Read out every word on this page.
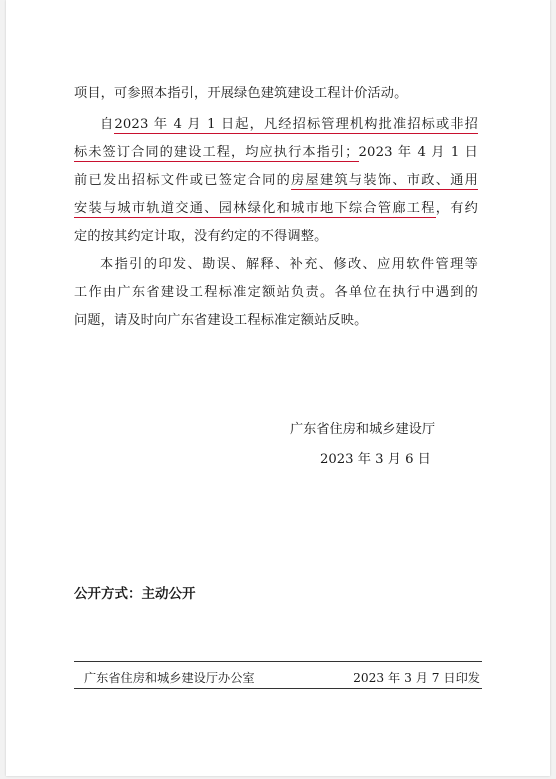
项目，可参照本指引，开展绿色建筑建设工程计价活动。
自2023 年 4 月 1 日起，凡经招标管理机构批准招标或非招
标未签订合同的建设工程，均应执行本指引；2023 年 4 月 1 日
前已发出招标文件或已签定合同的房屋建筑与装饰、市政、通用
安装与城市轨道交通、园林绿化和城市地下综合管廊工程，有约
定的按其约定计取，没有约定的不得调整。
本指引的印发、勘误、解释、补充、修改、应用软件管理等
工作由广东省建设工程标准定额站负责。各单位在执行中遇到的
问题，请及时向广东省建设工程标准定额站反映。
广东省住房和城乡建设厅
2023 年 3 月 6 日
公开方式：主动公开
广东省住房和城乡建设厅办公室	2023 年 3 月 7 日印发
